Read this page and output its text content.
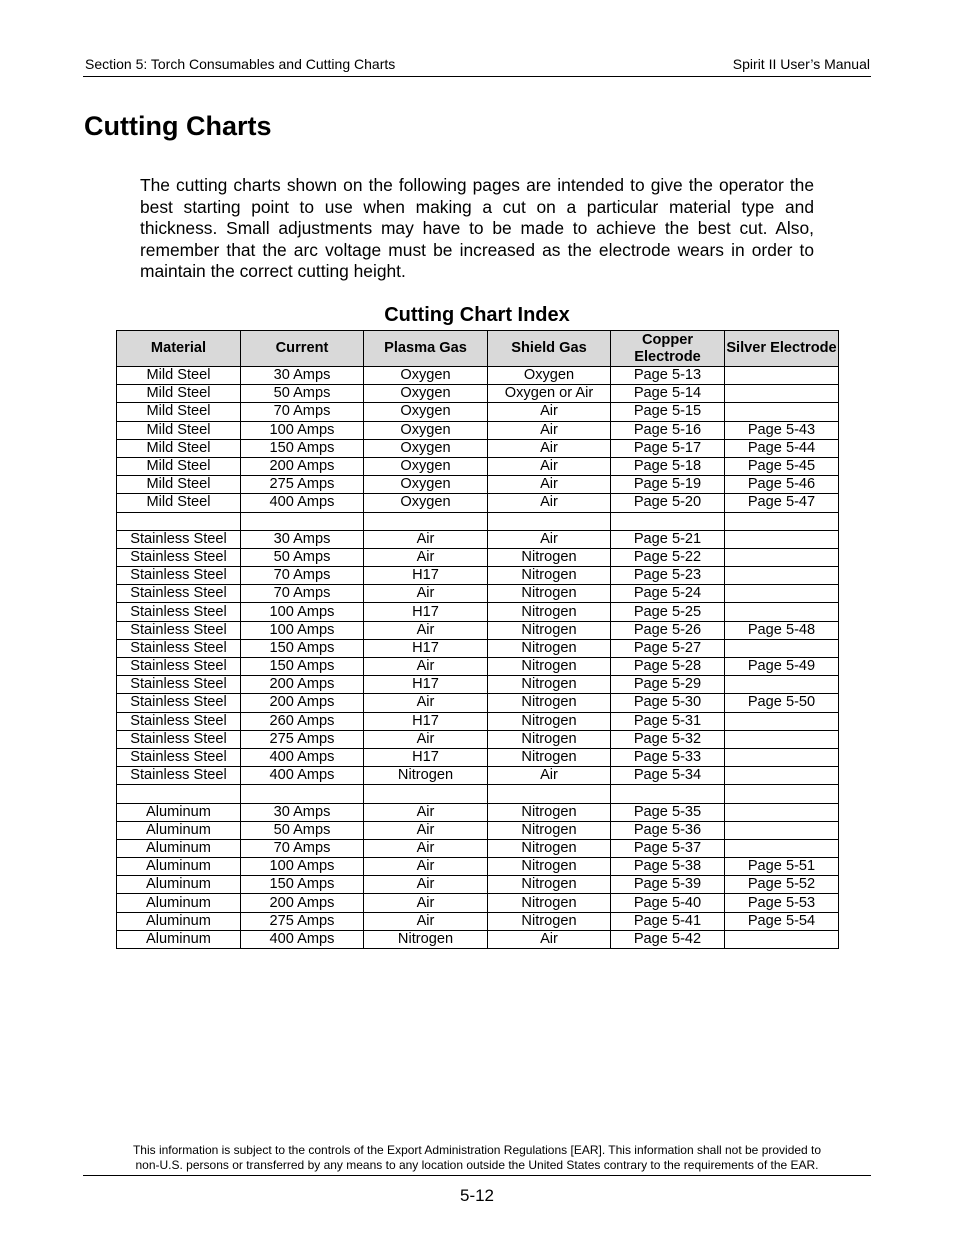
Section 5: Torch Consumables and Cutting Charts	Spirit II User’s Manual
Cutting Charts

The cutting charts shown on the following pages are intended to give the operator the best starting point to use when making a cut on a particular material type and thickness. Small adjustments may have to be made to achieve the best cut. Also, remember that the arc voltage must be increased as the electrode wears in order to maintain the correct cutting height.

Cutting Chart Index
Material	Current	Plasma Gas	Shield Gas	Copper Electrode	Silver Electrode
Mild Steel	30 Amps	Oxygen	Oxygen	Page 5-13	
Mild Steel	50 Amps	Oxygen	Oxygen or Air	Page 5-14	
Mild Steel	70 Amps	Oxygen	Air	Page 5-15	
Mild Steel	100 Amps	Oxygen	Air	Page 5-16	Page 5-43
Mild Steel	150 Amps	Oxygen	Air	Page 5-17	Page 5-44
Mild Steel	200 Amps	Oxygen	Air	Page 5-18	Page 5-45
Mild Steel	275 Amps	Oxygen	Air	Page 5-19	Page 5-46
Mild Steel	400 Amps	Oxygen	Air	Page 5-20	Page 5-47

Stainless Steel	30 Amps	Air	Air	Page 5-21	
Stainless Steel	50 Amps	Air	Nitrogen	Page 5-22	
Stainless Steel	70 Amps	H17	Nitrogen	Page 5-23	
Stainless Steel	70 Amps	Air	Nitrogen	Page 5-24	
Stainless Steel	100 Amps	H17	Nitrogen	Page 5-25	
Stainless Steel	100 Amps	Air	Nitrogen	Page 5-26	Page 5-48
Stainless Steel	150 Amps	H17	Nitrogen	Page 5-27	
Stainless Steel	150 Amps	Air	Nitrogen	Page 5-28	Page 5-49
Stainless Steel	200 Amps	H17	Nitrogen	Page 5-29	
Stainless Steel	200 Amps	Air	Nitrogen	Page 5-30	Page 5-50
Stainless Steel	260 Amps	H17	Nitrogen	Page 5-31	
Stainless Steel	275 Amps	Air	Nitrogen	Page 5-32	
Stainless Steel	400 Amps	H17	Nitrogen	Page 5-33	
Stainless Steel	400 Amps	Nitrogen	Air	Page 5-34	

Aluminum	30 Amps	Air	Nitrogen	Page 5-35	
Aluminum	50 Amps	Air	Nitrogen	Page 5-36	
Aluminum	70 Amps	Air	Nitrogen	Page 5-37	
Aluminum	100 Amps	Air	Nitrogen	Page 5-38	Page 5-51
Aluminum	150 Amps	Air	Nitrogen	Page 5-39	Page 5-52
Aluminum	200 Amps	Air	Nitrogen	Page 5-40	Page 5-53
Aluminum	275 Amps	Air	Nitrogen	Page 5-41	Page 5-54
Aluminum	400 Amps	Nitrogen	Air	Page 5-42	
This information is subject to the controls of the Export Administration Regulations [EAR]. This information shall not be provided to
non-U.S. persons or transferred by any means to any location outside the United States contrary to the requirements of the EAR.
5-12
